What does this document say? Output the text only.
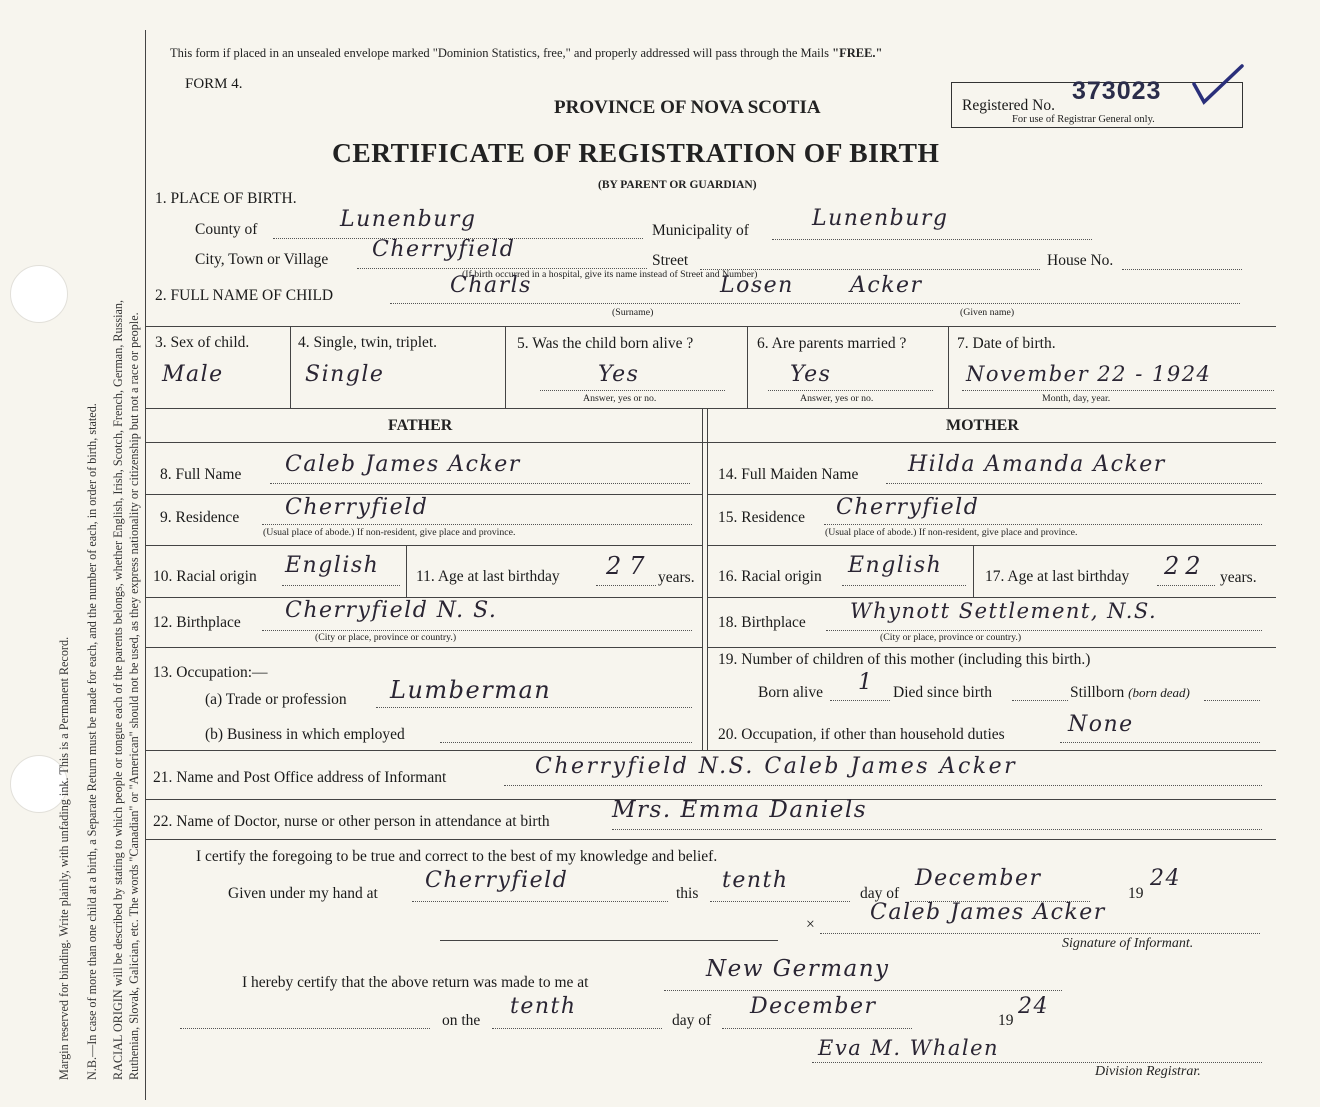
Margin reserved for binding. Write plainly, with unfading ink. This is a Permanent Record. N.B.—In case of more than one child at a birth, a Separate Return must be made for each, and the number of each, in order of birth, stated. RACIAL ORIGIN will be described by stating to which people or tongue each of the parents belongs, whether English, Irish, Scotch, French, German, Russian, Ruthenian, Slovak, Galician, etc. The words "Canadian" or "American" should not be used, as they express nationality or citizenship but not a race or people.
This form if placed in an unsealed envelope marked "Dominion Statistics, free," and properly addressed will pass through the Mails "FREE."
FORM 4.
PROVINCE OF NOVA SCOTIA
CERTIFICATE OF REGISTRATION OF BIRTH
(BY PARENT OR GUARDIAN)
Registered No.
373023
For use of Registrar General only.
1. PLACE OF BIRTH.
County of	Lunenburg	Municipality of	Lunenburg
City, Town or Village Cherryfield	Street	House No.
(If birth occurred in a hospital, give its name instead of Street and Number)
2. FULL NAME OF CHILD	Charls	Losen	Acker
(Surname)	(Given name)
3. Sex of child.
Male
4. Single, twin, triplet.
Single
5. Was the child born alive ?
Yes
Answer, yes or no.
6. Are parents married ?
Yes
Answer, yes or no.
7. Date of birth.
November 22 - 1924
Month, day, year.
FATHER	MOTHER
8. Full Name Caleb James Acker
9. Residence Cherryfield
(Usual place of abode.) If non-resident, give place and province.
10. Racial origin English 11. Age at last birthday 27 years.
12. Birthplace Cherryfield N. S.
(City or place, province or country.)
13. Occupation:—
(a) Trade or profession Lumberman
(b) Business in which employed
14. Full Maiden Name Hilda Amanda Acker
15. Residence Cherryfield
(Usual place of abode.) If non-resident, give place and province.
16. Racial origin English	17. Age at last birthday 22 years.
18. Birthplace Whynott Settlement, N.S.
(City or place, province or country.)
19. Number of children of this mother (including this birth.)
Born alive 1 Died since birth	Stillborn (born dead)
20. Occupation, if other than household duties	None
21. Name and Post Office address of Informant	Cherryfield N.S. Caleb James Acker
22. Name of Doctor, nurse or other person in attendance at birth	Mrs. Emma Daniels
I certify the foregoing to be true and correct to the best of my knowledge and belief.
Given under my hand at
Cherryfield
this
tenth
day of
December
19
24
×	Caleb James Acker
Signature of Informant.
I hereby certify that the above return was made to me at
New Germany
on the
tenth
day of
December
19
24
Eva M. Whalen
Division Registrar.
